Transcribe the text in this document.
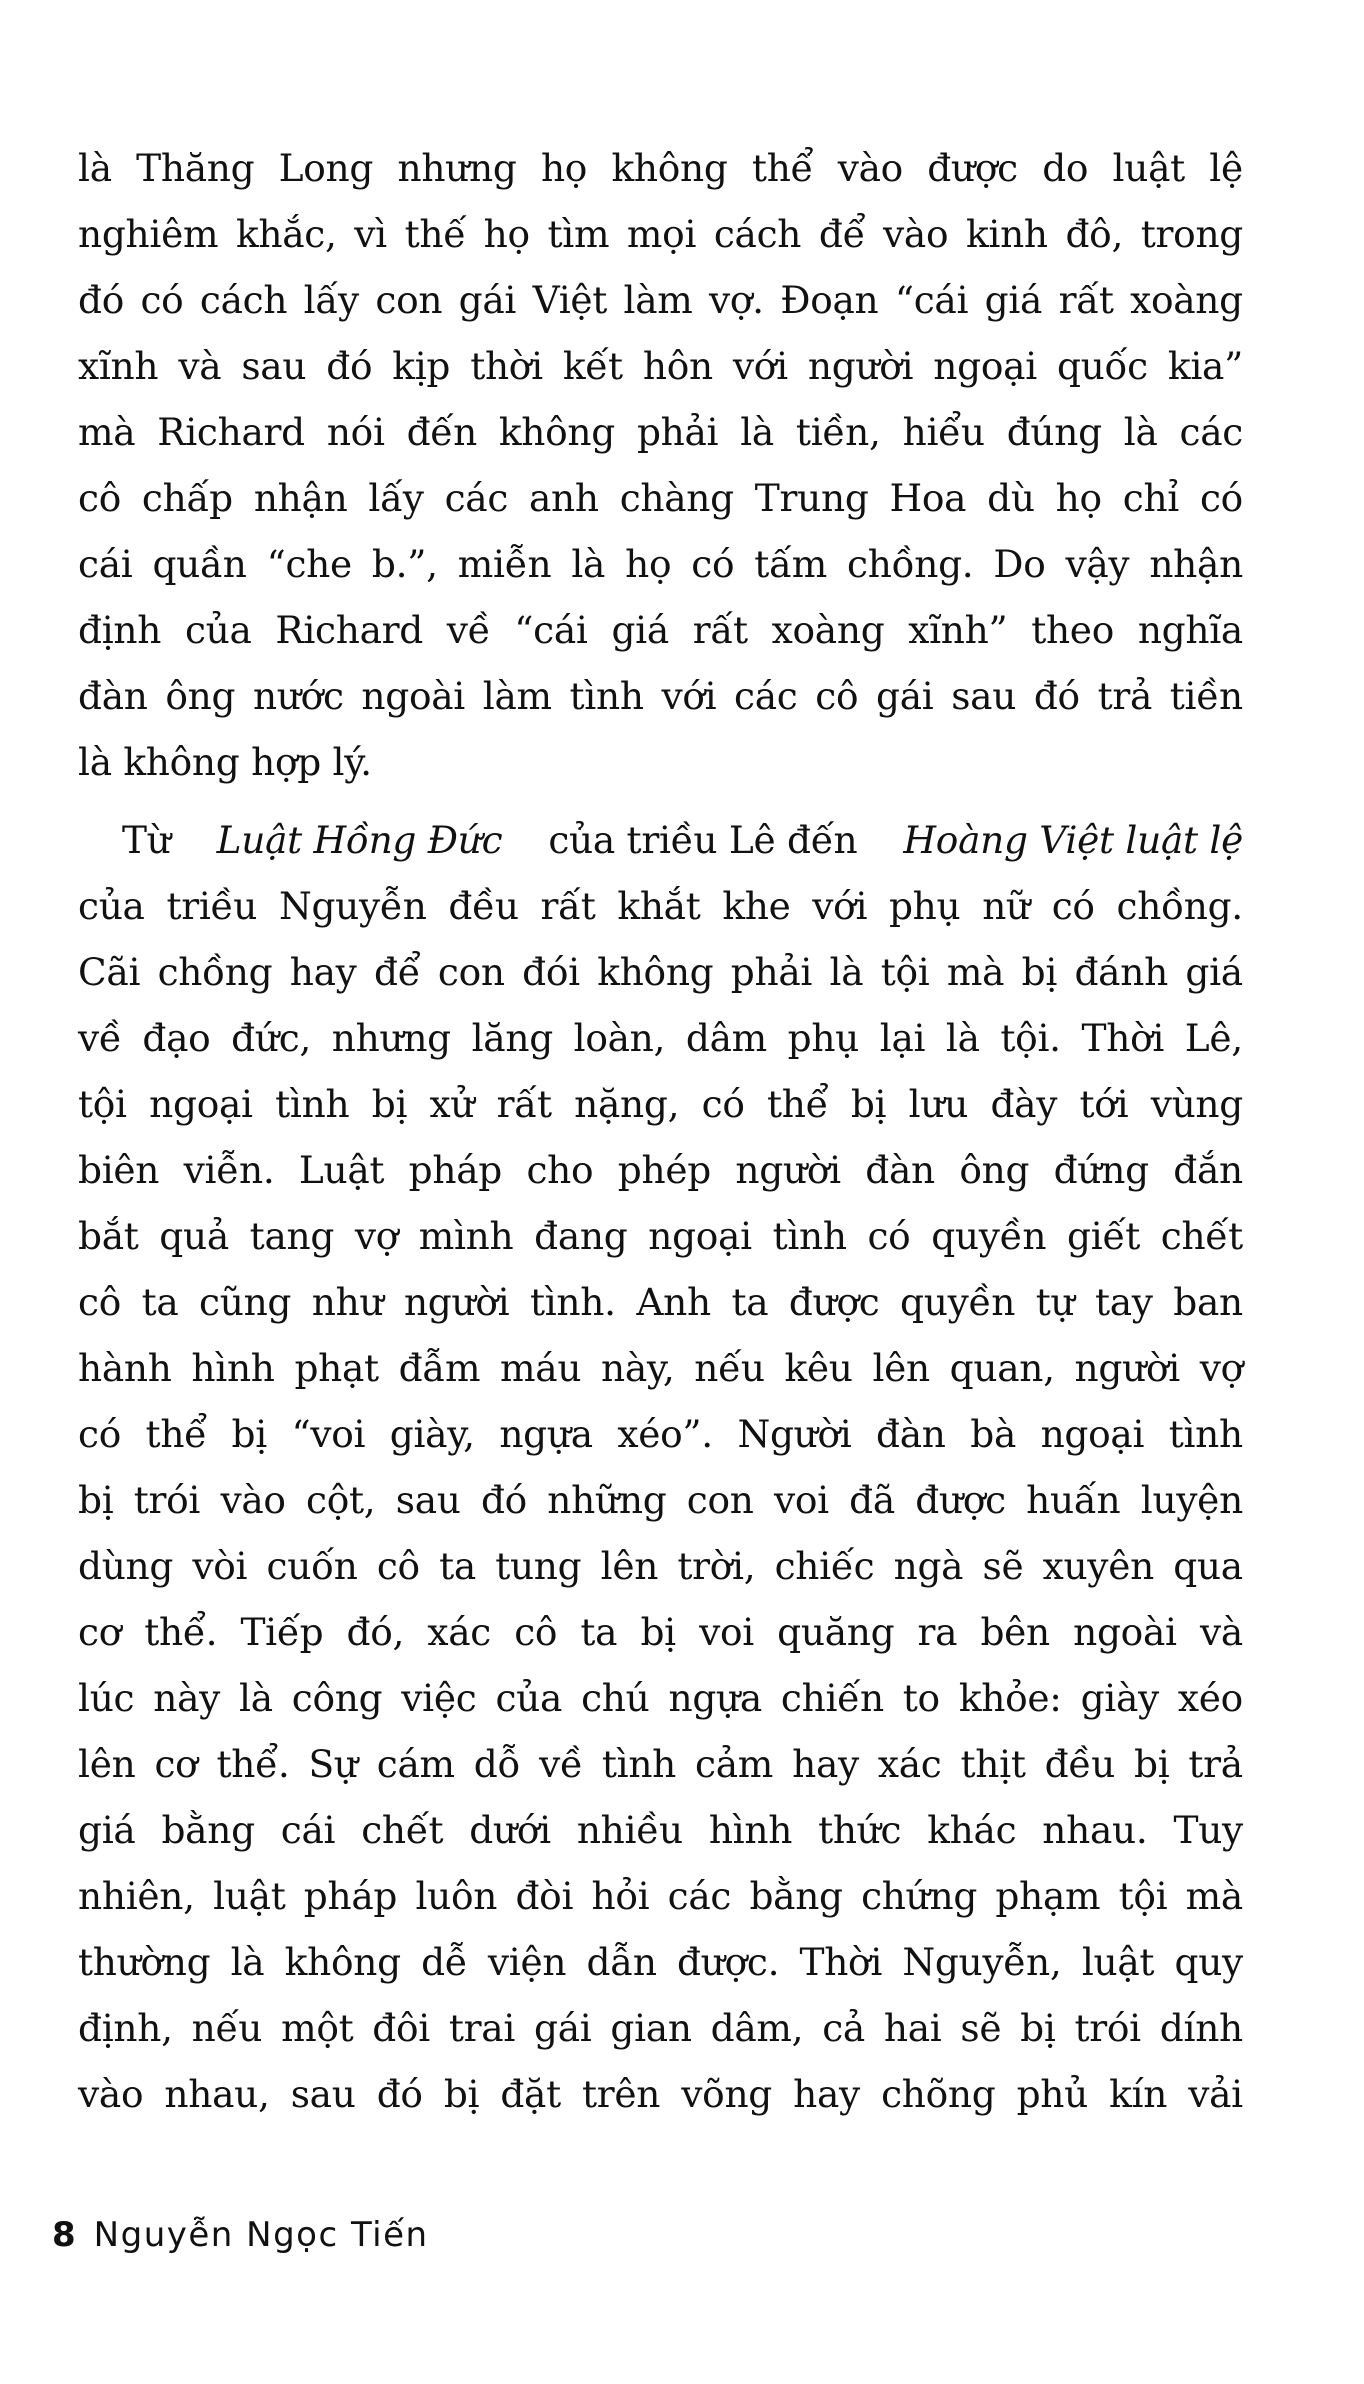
là Thăng Long nhưng họ không thể vào được do luật lệ
nghiêm khắc, vì thế họ tìm mọi cách để vào kinh đô, trong
đó có cách lấy con gái Việt làm vợ. Đoạn “cái giá rất xoàng
xĩnh và sau đó kịp thời kết hôn với người ngoại quốc kia”
mà Richard nói đến không phải là tiền, hiểu đúng là các
cô chấp nhận lấy các anh chàng Trung Hoa dù họ chỉ có
cái quần “che b.”, miễn là họ có tấm chồng. Do vậy nhận
định của Richard về “cái giá rất xoàng xĩnh” theo nghĩa
đàn ông nước ngoài làm tình với các cô gái sau đó trả tiền
là không hợp lý.
Từ Luật Hồng Đức của triều Lê đến Hoàng Việt luật lệ
của triều Nguyễn đều rất khắt khe với phụ nữ có chồng.
Cãi chồng hay để con đói không phải là tội mà bị đánh giá
về đạo đức, nhưng lăng loàn, dâm phụ lại là tội. Thời Lê,
tội ngoại tình bị xử rất nặng, có thể bị lưu đày tới vùng
biên viễn. Luật pháp cho phép người đàn ông đứng đắn
bắt quả tang vợ mình đang ngoại tình có quyền giết chết
cô ta cũng như người tình. Anh ta được quyền tự tay ban
hành hình phạt đẫm máu này, nếu kêu lên quan, người vợ
có thể bị “voi giày, ngựa xéo”. Người đàn bà ngoại tình
bị trói vào cột, sau đó những con voi đã được huấn luyện
dùng vòi cuốn cô ta tung lên trời, chiếc ngà sẽ xuyên qua
cơ thể. Tiếp đó, xác cô ta bị voi quăng ra bên ngoài và
lúc này là công việc của chú ngựa chiến to khỏe: giày xéo
lên cơ thể. Sự cám dỗ về tình cảm hay xác thịt đều bị trả
giá bằng cái chết dưới nhiều hình thức khác nhau. Tuy
nhiên, luật pháp luôn đòi hỏi các bằng chứng phạm tội mà
thường là không dễ viện dẫn được. Thời Nguyễn, luật quy
định, nếu một đôi trai gái gian dâm, cả hai sẽ bị trói dính
vào nhau, sau đó bị đặt trên võng hay chõng phủ kín vải
8 Nguyễn Ngọc Tiến
